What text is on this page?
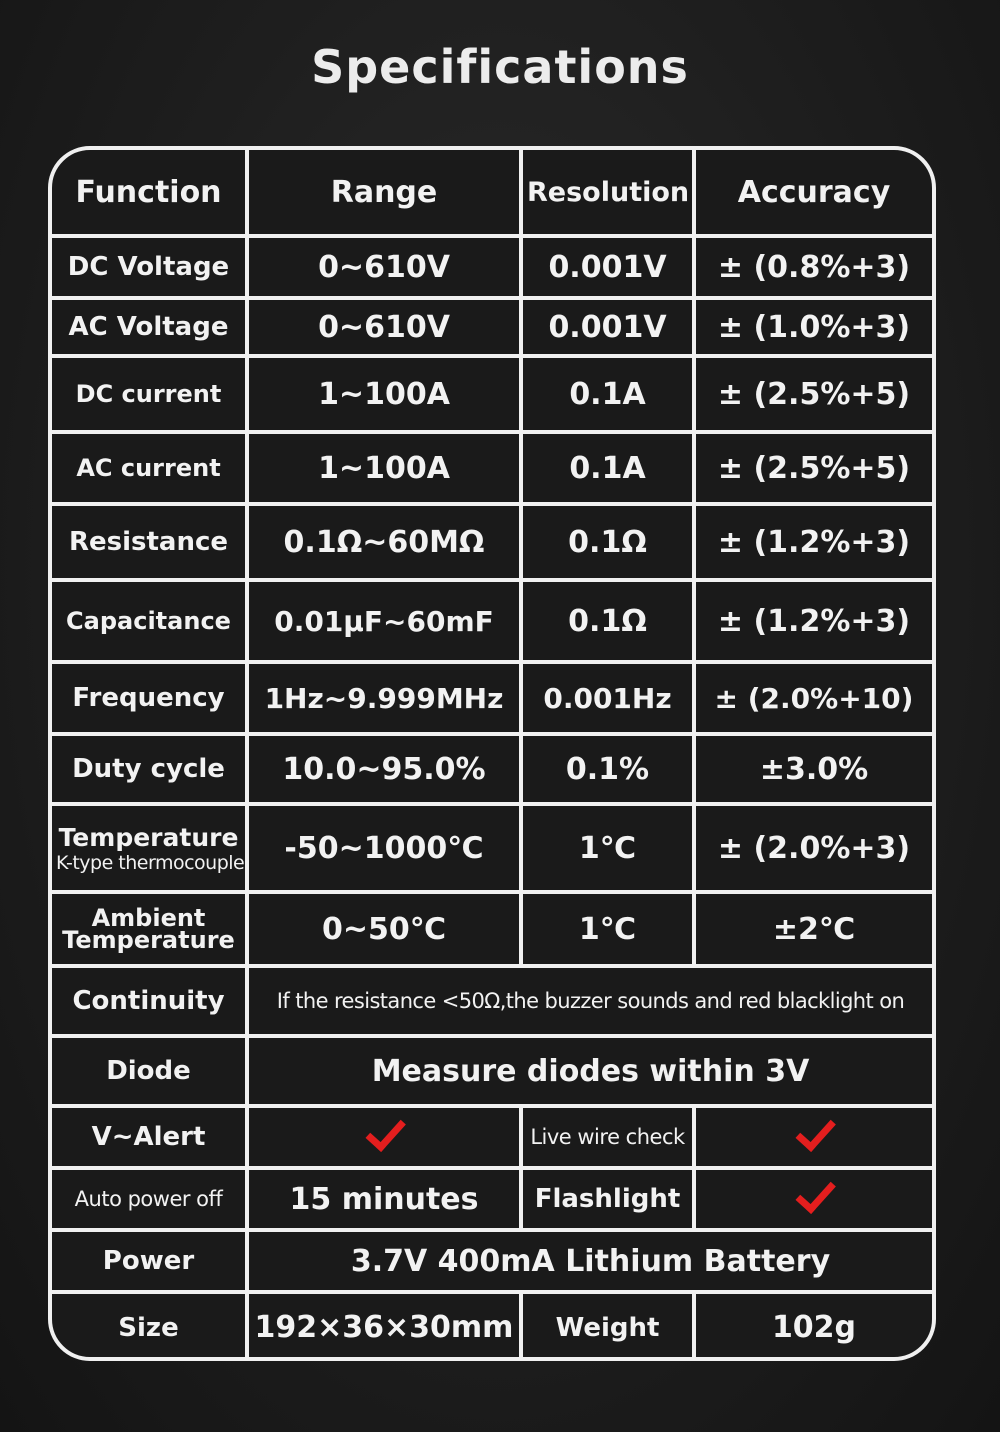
Specifications
Function	Range	Resolution	Accuracy
DC Voltage	0~610V	0.001V	± (0.8%+3)
AC Voltage	0~610V	0.001V	± (1.0%+3)
DC current	1~100A	0.1A	± (2.5%+5)
AC current	1~100A	0.1A	± (2.5%+5)
Resistance	0.1Ω~60MΩ	0.1Ω	± (1.2%+3)
Capacitance	0.01μF~60mF	0.1Ω	± (1.2%+3)
Frequency	1Hz~9.999MHz	0.001Hz	± (2.0%+10)
Duty cycle	10.0~95.0%	0.1%	±3.0%

Temperature
K-type thermocouple	-50~1000℃	1℃	± (2.0%+3)

Ambient
Temperature	0~50℃	1℃	±2℃
Continuity	If the resistance <50Ω,the buzzer sounds and red blacklight on		
Diode	Measure diodes within 3V		
V~Alert		Live wire check	
Auto power off	15 minutes	Flashlight	
Power	3.7V 400mA Lithium Battery		
Size	192×36×30mm	Weight	102g
